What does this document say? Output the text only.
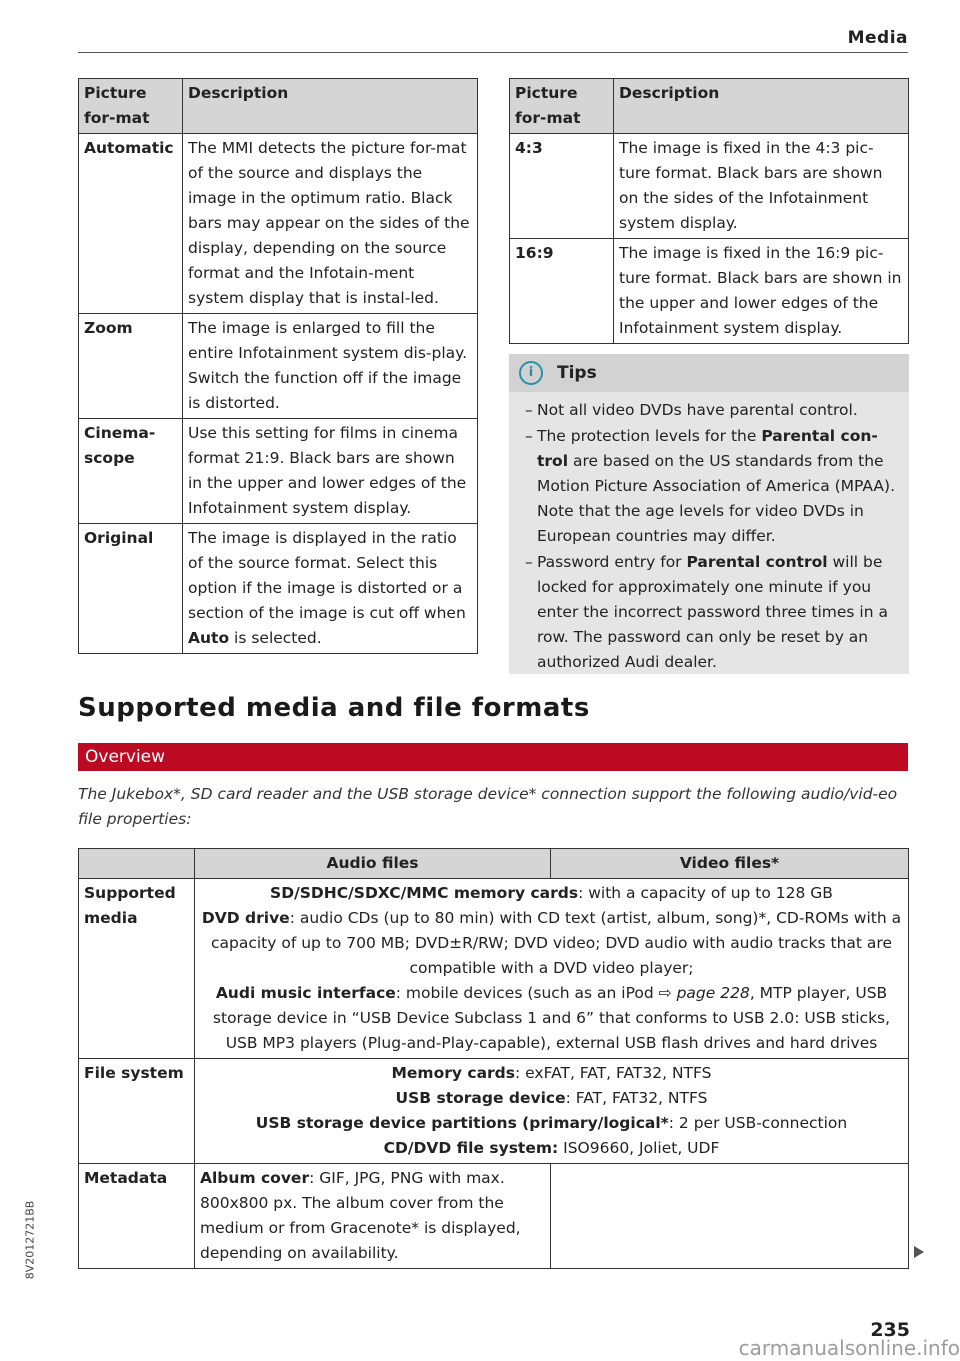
Media
Picture for-mat	Description
Automatic	The MMI detects the picture for-mat of the source and displays the image in the optimum ratio. Black bars may appear on the sides of the display, depending on the source format and the Infotain-ment system display that is instal-led.
Zoom	The image is enlarged to fill the entire Infotainment system dis-play. Switch the function off if the image is distorted.
Cinema-scope	Use this setting for films in cinema format 21:9. Black bars are shown in the upper and lower edges of the Infotainment system display.
Original	The image is displayed in the ratio of the source format. Select this option if the image is distorted or a section of the image is cut off when Auto is selected.
Picture for-mat	Description
4:3	The image is fixed in the 4:3 pic-ture format. Black bars are shown on the sides of the Infotainment system display.
16:9	The image is fixed in the 16:9 pic-ture format. Black bars are shown in the upper and lower edges of the Infotainment system display.
i	Tips
– Not all video DVDs have parental control.
– The protection levels for the Parental con-trol are based on the US standards from the Motion Picture Association of America (MPAA). Note that the age levels for video DVDs in European countries may differ.
– Password entry for Parental control will be locked for approximately one minute if you enter the incorrect password three times in a row. The password can only be reset by an authorized Audi dealer.
Supported media and file formats
Overview
The Jukebox*, SD card reader and the USB storage device* connection support the following audio/vid-eo file properties:
	Audio files	Video files*
Supported media	SD/SDHC/SDXC/MMC memory cards: with a capacity of up to 128 GB
DVD drive: audio CDs (up to 80 min) with CD text (artist, album, song)*, CD-ROMs with a capacity of up to 700 MB; DVD±R/RW; DVD video; DVD audio with audio tracks that are compatible with a DVD video player;
Audi music interface: mobile devices (such as an iPod ⇨ page 228, MTP player, USB storage device in “USB Device Subclass 1 and 6” that conforms to USB 2.0: USB sticks, USB MP3 players (Plug-and-Play-capable), external USB flash drives and hard drives	

File system	Memory cards: exFAT, FAT, FAT32, NTFS
USB storage device: FAT, FAT32, NTFS
USB storage device partitions (primary/logical*: 2 per USB-connection
CD/DVD file system: ISO9660, Joliet, UDF	

Metadata	Album cover: GIF, JPG, PNG with max. 800x800 px. The album cover from the medium or from Gracenote* is displayed, depending on availability.	
8V2012721BB
235
carmanualsonline.info
